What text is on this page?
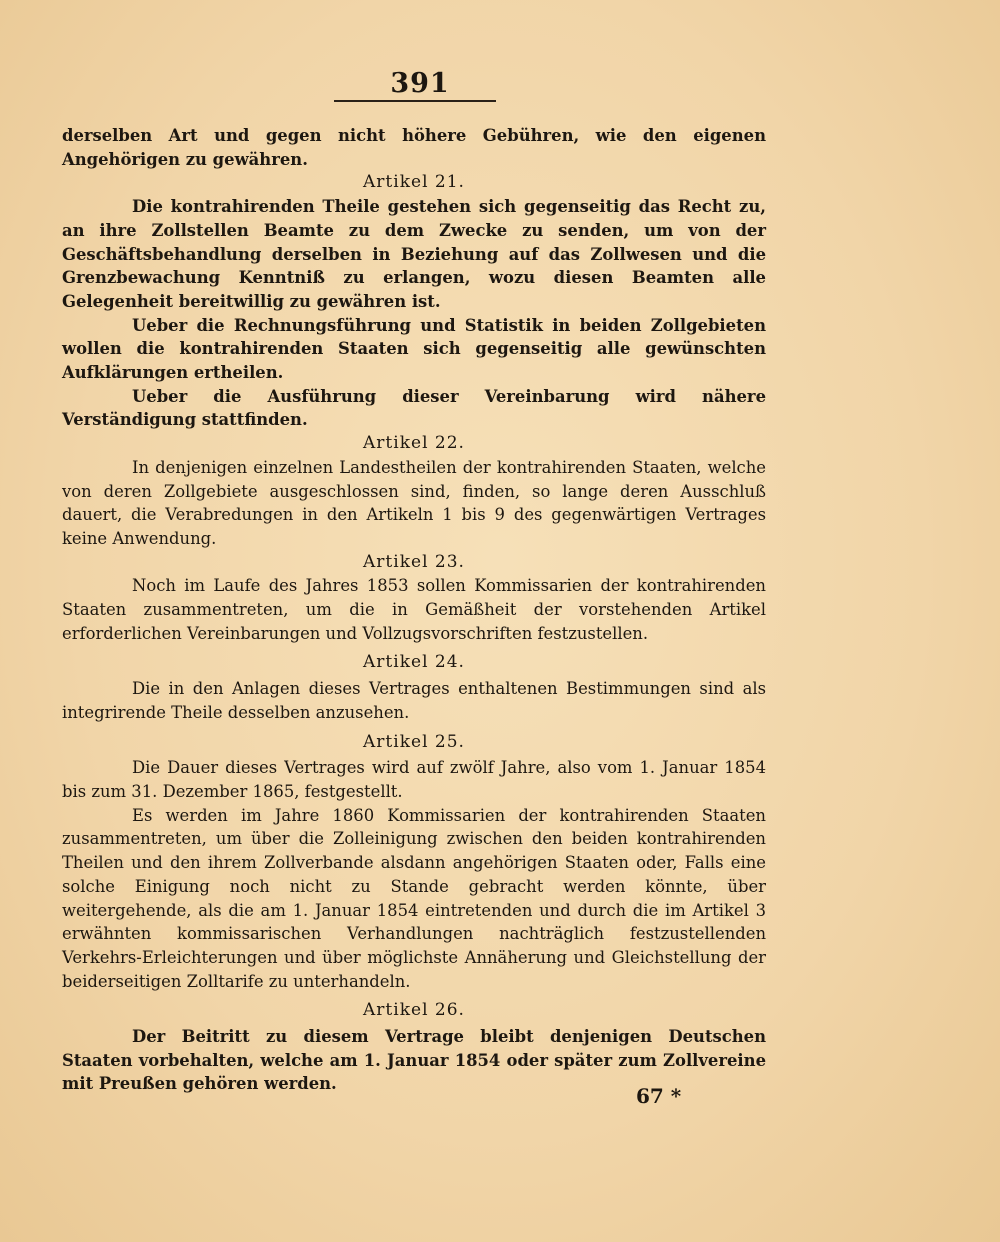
391

derselben Art und gegen nicht höhere Gebühren, wie den eigenen Angehörigen zu gewähren.

Artikel 21.

Die kontrahirenden Theile gestehen sich gegenseitig das Recht zu, an ihre Zollstellen Beamte zu dem Zwecke zu senden, um von der Geschäftsbehandlung derselben in Beziehung auf das Zollwesen und die Grenzbewachung Kenntniß zu erlangen, wozu diesen Beamten alle Gelegenheit bereitwillig zu gewähren ist.

Ueber die Rechnungsführung und Statistik in beiden Zollgebieten wollen die kontrahirenden Staaten sich gegenseitig alle gewünschten Aufklärungen ertheilen.

Ueber die Ausführung dieser Vereinbarung wird nähere Verständigung stattfinden.

Artikel 22.

In denjenigen einzelnen Landestheilen der kontrahirenden Staaten, welche von deren Zollgebiete ausgeschlossen sind, finden, so lange deren Ausschluß dauert, die Verabredungen in den Artikeln 1 bis 9 des gegenwärtigen Vertrages keine Anwendung.

Artikel 23.

Noch im Laufe des Jahres 1853 sollen Kommissarien der kontrahirenden Staaten zusammentreten, um die in Gemäßheit der vorstehenden Artikel erforderlichen Vereinbarungen und Vollzugsvorschriften festzustellen.

Artikel 24.

Die in den Anlagen dieses Vertrages enthaltenen Bestimmungen sind als integrirende Theile desselben anzusehen.

Artikel 25.

Die Dauer dieses Vertrages wird auf zwölf Jahre, also vom 1. Januar 1854 bis zum 31. Dezember 1865, festgestellt.

Es werden im Jahre 1860 Kommissarien der kontrahirenden Staaten zusammentreten, um über die Zolleinigung zwischen den beiden kontrahirenden Theilen und den ihrem Zollverbande alsdann angehörigen Staaten oder, Falls eine solche Einigung noch nicht zu Stande gebracht werden könnte, über weitergehende, als die am 1. Januar 1854 eintretenden und durch die im Artikel 3 erwähnten kommissarischen Verhandlungen nachträglich festzustellenden Verkehrs-Erleichterungen und über möglichste Annäherung und Gleichstellung der beiderseitigen Zolltarife zu unterhandeln.

Artikel 26.

Der Beitritt zu diesem Vertrage bleibt denjenigen Deutschen Staaten vorbehalten, welche am 1. Januar 1854 oder später zum Zollvereine mit Preußen gehören werden.

67 *
